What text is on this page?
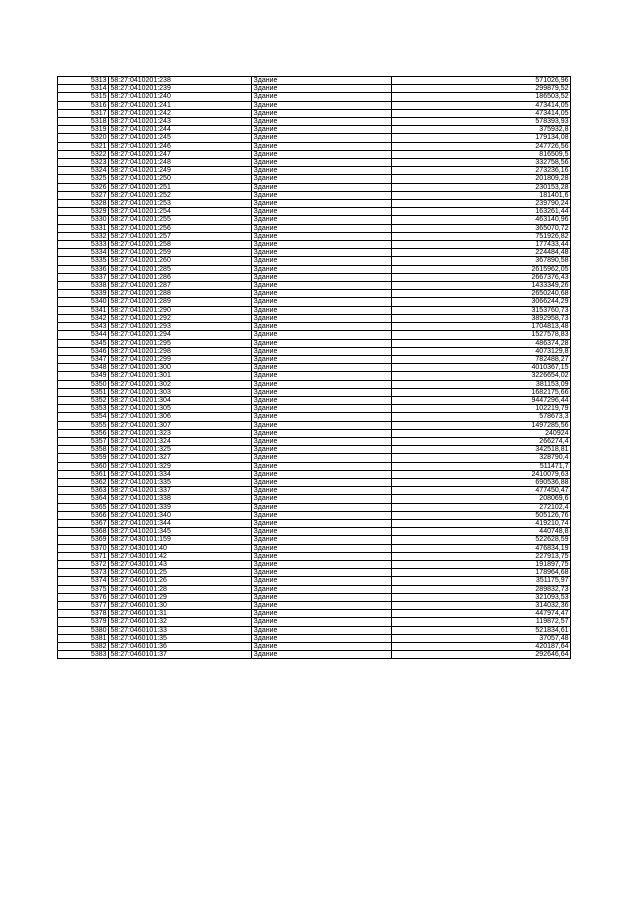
5313	58:27:0410201:238	Здание	571026,96
5314	58:27:0410201:239	Здание	299879,52
5315	58:27:0410201:240	Здание	186503,52
5316	58:27:0410201:241	Здание	473414,05
5317	58:27:0410201:242	Здание	473414,05
5318	58:27:0410201:243	Здание	578393,93
5319	58:27:0410201:244	Здание	375932,8
5320	58:27:0410201:245	Здание	179134,08
5321	58:27:0410201:246	Здание	247726,56
5322	58:27:0410201:247	Здание	816509,5
5323	58:27:0410201:248	Здание	332758,56
5324	58:27:0410201:249	Здание	273236,16
5325	58:27:0410201:250	Здание	201809,28
5326	58:27:0410201:251	Здание	230153,28
5327	58:27:0410201:252	Здание	181401,6
5328	58:27:0410201:253	Здание	239790,24
5329	58:27:0410201:254	Здание	163261,44
5330	58:27:0410201:255	Здание	463140,96
5331	58:27:0410201:256	Здание	365070,72
5332	58:27:0410201:257	Здание	751926,82
5333	58:27:0410201:258	Здание	177433,44
5334	58:27:0410201:259	Здание	224484,48
5335	58:27:0410201:260	Здание	367890,58
5336	58:27:0410201:285	Здание	2615962,05
5337	58:27:0410201:286	Здание	2667376,43
5338	58:27:0410201:287	Здание	1433349,26
5339	58:27:0410201:288	Здание	2650240,68
5340	58:27:0410201:289	Здание	3066244,29
5341	58:27:0410201:290	Здание	3153760,73
5342	58:27:0410201:292	Здание	3892958,73
5343	58:27:0410201:293	Здание	1704813,48
5344	58:27:0410201:294	Здание	1527578,83
5345	58:27:0410201:295	Здание	486374,28
5346	58:27:0410201:298	Здание	4073129,8
5347	58:27:0410201:299	Здание	782488,27
5348	58:27:0410201:300	Здание	4010367,15
5349	58:27:0410201:301	Здание	3226654,02
5350	58:27:0410201:302	Здание	381153,09
5351	58:27:0410201:303	Здание	1682175,66
5352	58:27:0410201:304	Здание	9447296,44
5353	58:27:0410201:305	Здание	102219,79
5354	58:27:0410201:306	Здание	578673,3
5355	58:27:0410201:307	Здание	1497285,56
5356	58:27:0410201:323	Здание	240924
5357	58:27:0410201:324	Здание	266274,4
5358	58:27:0410201:325	Здание	342518,81
5359	58:27:0410201:327	Здание	328790,4
5360	58:27:0410201:329	Здание	511471,7
5361	58:27:0410201:334	Здание	2410079,63
5362	58:27:0410201:335	Здание	690536,88
5363	58:27:0410201:337	Здание	477450,47
5364	58:27:0410201:338	Здание	208069,6
5365	58:27:0410201:339	Здание	272102,4
5366	58:27:0410201:340	Здание	505126,76
5367	58:27:0410201:344	Здание	419210,74
5368	58:27:0410201:345	Здание	440748,8
5369	58:27:0430101:159	Здание	522628,59
5370	58:27:0430101:40	Здание	476834,19
5371	58:27:0430101:42	Здание	227913,75
5372	58:27:0430101:43	Здание	191897,75
5373	58:27:0460101:25	Здание	178964,68
5374	58:27:0460101:26	Здание	351175,97
5375	58:27:0460101:28	Здание	289832,73
5376	58:27:0460101:29	Здание	321093,53
5377	58:27:0460101:30	Здание	314032,36
5378	58:27:0460101:31	Здание	447974,47
5379	58:27:0460101:32	Здание	119872,57
5380	58:27:0460101:33	Здание	521834,61
5381	58:27:0460101:35	Здание	37057,48
5382	58:27:0460101:36	Здание	420187,64
5383	58:27:0460101:37	Здание	292646,64
